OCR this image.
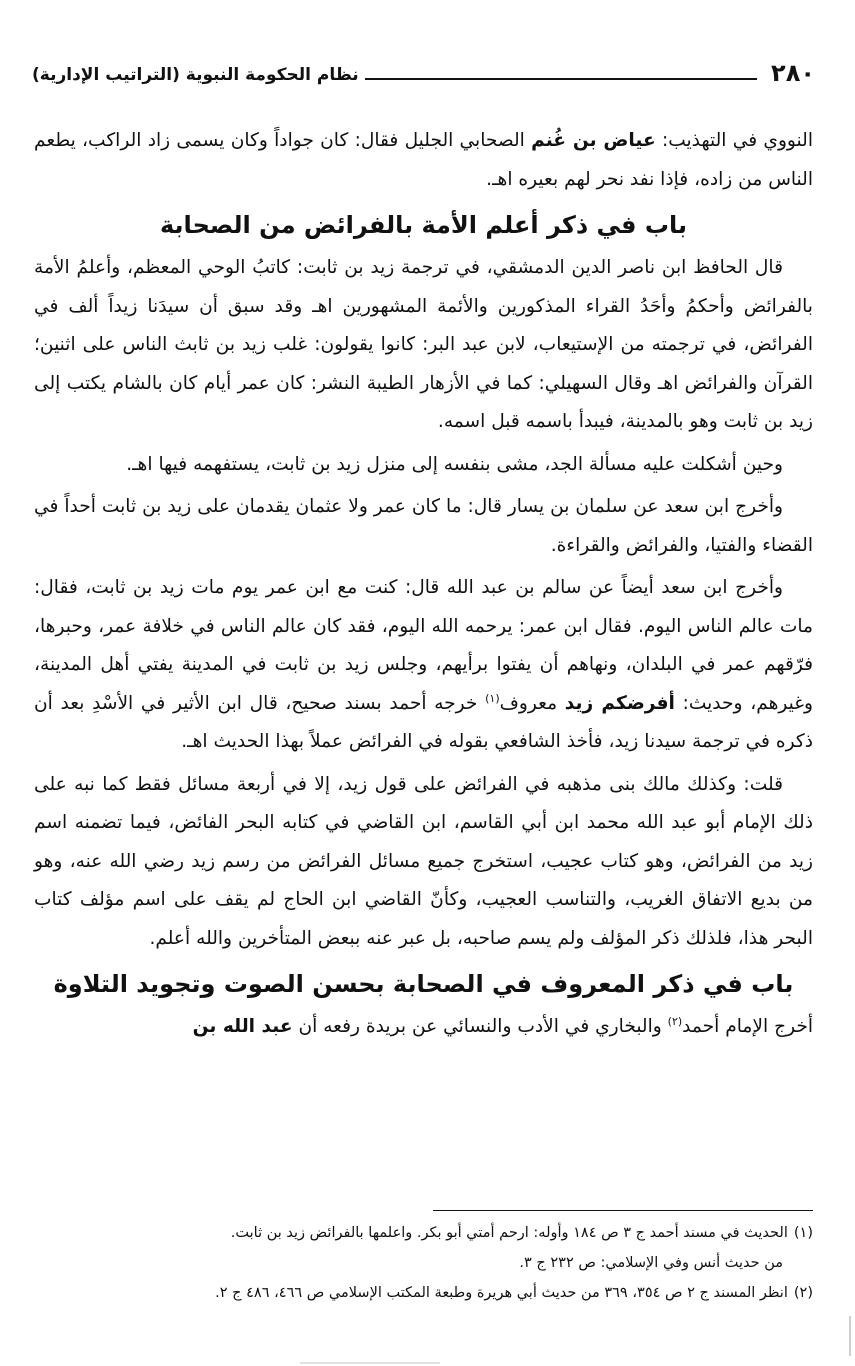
٢٨٠
نظام الحكومة النبوية (التراتيب الإدارية)

النووي في التهذيب: عياض بن غُنم الصحابي الجليل فقال: كان جواداً وكان يسمى زاد الراكب، يطعم الناس من زاده، فإذا نفد نحر لهم بعيره اهـ.

باب في ذكر أعلم الأمة بالفرائض من الصحابة

قال الحافظ ابن ناصر الدين الدمشقي، في ترجمة زيد بن ثابت: كاتبُ الوحي المعظم، وأعلمُ الأمة بالفرائض وأحكمُ وأحَدُ القراء المذكورين والأئمة المشهورين اهـ وقد سبق أن سيدَنا زيداً ألف في الفرائض، في ترجمته من الإستيعاب، لابن عبد البر: كانوا يقولون: غلب زيد بن ثابث الناس على اثنين؛ القرآن والفرائض اهـ وقال السهيلي: كما في الأزهار الطيبة النشر: كان عمر أيام كان بالشام يكتب إلى زيد بن ثابت وهو بالمدينة، فيبدأ باسمه قبل اسمه.

وحين أشكلت عليه مسألة الجد، مشى بنفسه إلى منزل زيد بن ثابت، يستفهمه فيها اهـ.

وأخرج ابن سعد عن سلمان بن يسار قال: ما كان عمر ولا عثمان يقدمان على زيد بن ثابت أحداً في القضاء والفتيا، والفرائض والقراءة.

وأخرج ابن سعد أيضاً عن سالم بن عبد الله قال: كنت مع ابن عمر يوم مات زيد بن ثابت، فقال: مات عالم الناس اليوم. فقال ابن عمر: يرحمه الله اليوم، فقد كان عالم الناس في خلافة عمر، وحبرها، فرّقهم عمر في البلدان، ونهاهم أن يفتوا برأيهم، وجلس زيد بن ثابت في المدينة يفتي أهل المدينة، وغيرهم، وحديث: أفرضكم زيد معروف$^{(١)}$ خرجه أحمد بسند صحيح، قال ابن الأثير في الأسْدِ بعد أن ذكره في ترجمة سيدنا زيد، فأخذ الشافعي بقوله في الفرائض عملاً بهذا الحديث اهـ.

قلت: وكذلك مالك بنى مذهبه في الفرائض على قول زيد، إلا في أربعة مسائل فقط كما نبه على ذلك الإمام أبو عبد الله محمد ابن أبي القاسم، ابن القاضي في كتابه البحر الفائض، فيما تضمنه اسم زيد من الفرائض، وهو كتاب عجيب، استخرج جميع مسائل الفرائض من رسم زيد رضي الله عنه، وهو من بديع الاتفاق الغريب، والتناسب العجيب، وكأنّ القاضي ابن الحاج لم يقف على اسم مؤلف كتاب البحر هذا، فلذلك ذكر المؤلف ولم يسم صاحبه، بل عبر عنه ببعض المتأخرين والله أعلم.

باب في ذكر المعروف في الصحابة بحسن الصوت وتجويد التلاوة

أخرج الإمام أحمد$^{(٢)}$ والبخاري في الأدب والنسائي عن بريدة رفعه أن عبد الله بن

(١)الحديث في مسند أحمد ج ٣ ص ١٨٤ وأوله: ارحم أمتي أبو بكر. واعلمها بالفرائض زيد بن ثابت.
من حديث أنس وفي الإسلامي: ص ٢٣٢ ج ٣.

(٢)انظر المسند ج ٢ ص ٣٥٤، ٣٦٩ من حديث أبي هريرة وطبعة المكتب الإسلامي ص ٤٦٦، ٤٨٦ ج ٢.
